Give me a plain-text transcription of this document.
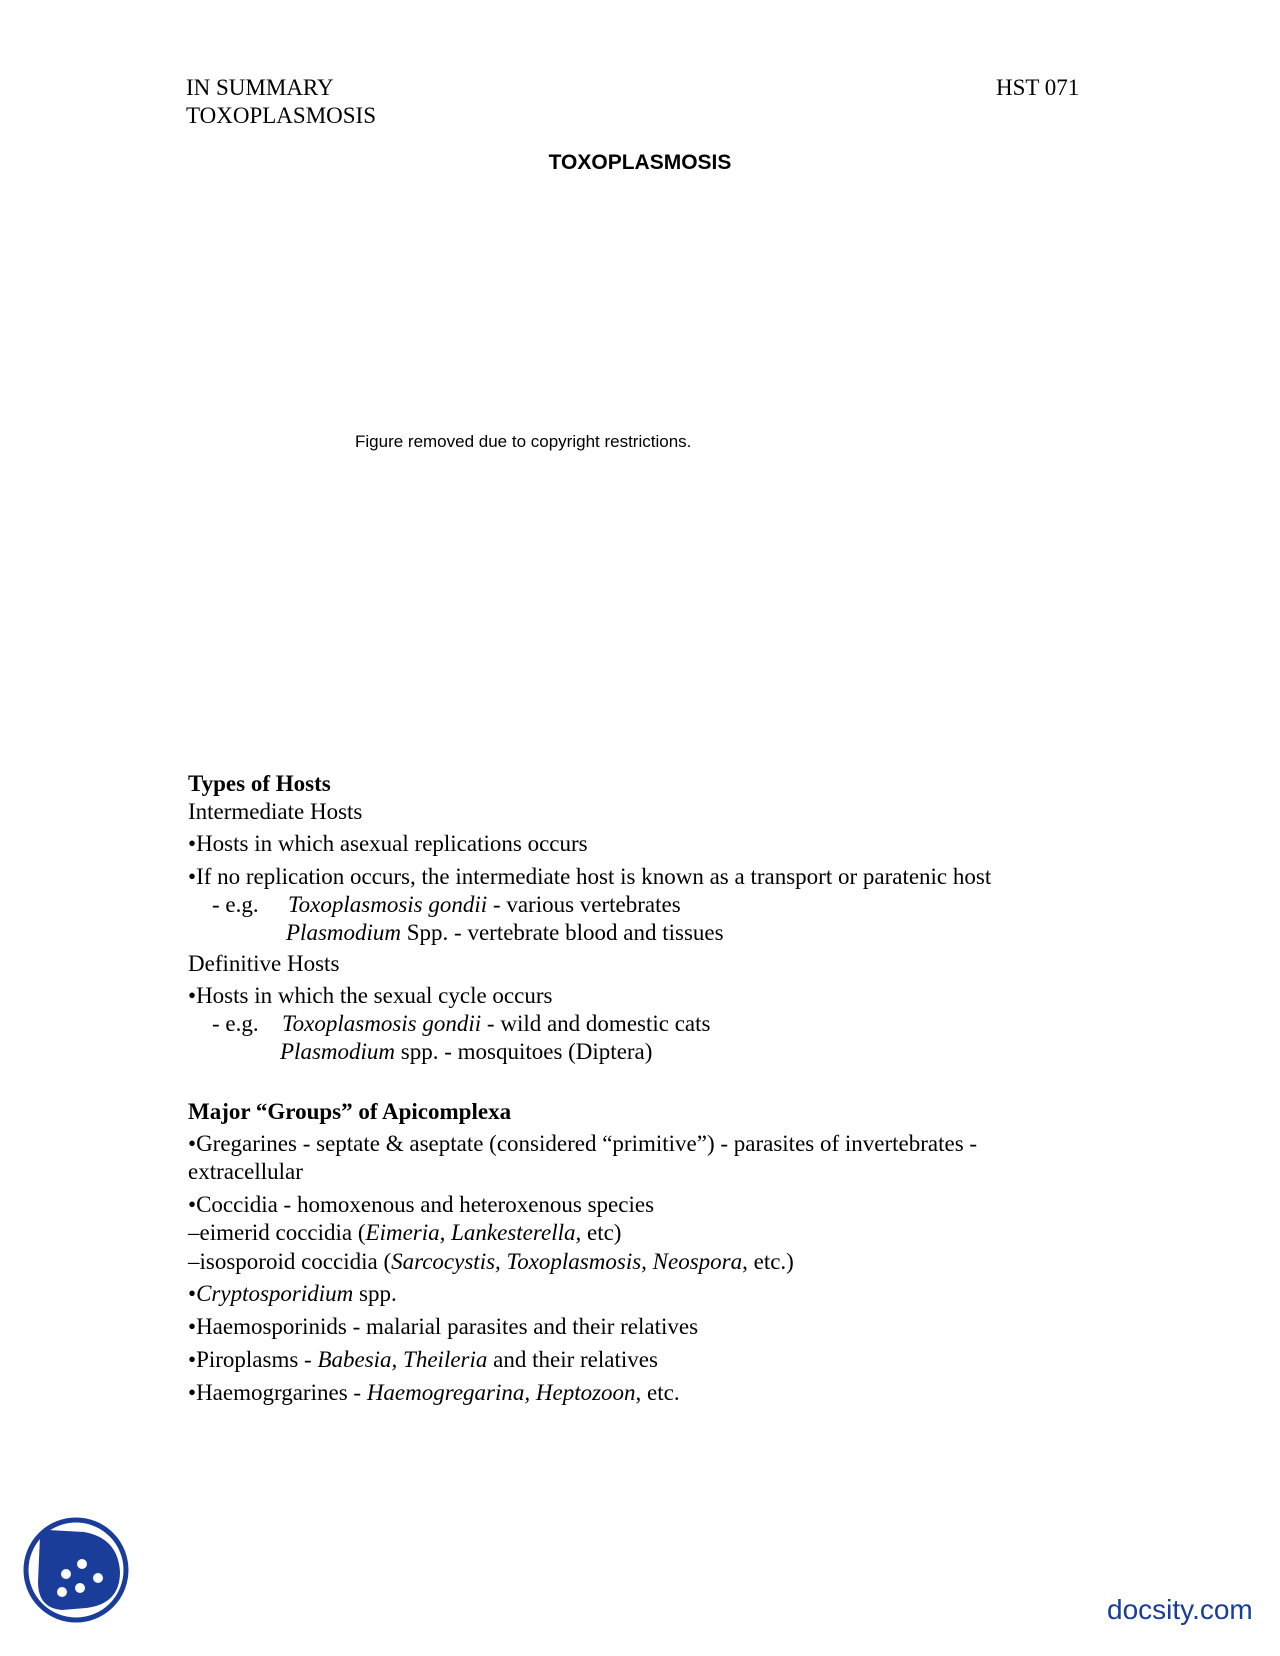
IN SUMMARY
TOXOPLASMOSIS
HST 071
TOXOPLASMOSIS
Figure removed due to copyright restrictions.
Types of Hosts
Intermediate Hosts
•Hosts in which asexual replications occurs
•If no replication occurs, the intermediate host is known as a transport or paratenic host
- e.g. Toxoplasmosis gondii - various vertebrates
Plasmodium Spp. - vertebrate blood and tissues
Definitive Hosts
•Hosts in which the sexual cycle occurs
- e.g. Toxoplasmosis gondii - wild and domestic cats
Plasmodium spp. - mosquitoes (Diptera)
Major “Groups” of Apicomplexa
•Gregarines - septate & aseptate (considered “primitive”) - parasites of invertebrates -
extracellular
•Coccidia - homoxenous and heteroxenous species
–eimerid coccidia (Eimeria, Lankesterella, etc)
–isosporoid coccidia (Sarcocystis, Toxoplasmosis, Neospora, etc.)
•Cryptosporidium spp.
•Haemosporinids - malarial parasites and their relatives
•Piroplasms - Babesia, Theileria and their relatives
•Haemogrgarines - Haemogregarina, Heptozoon, etc.
docsity.com
